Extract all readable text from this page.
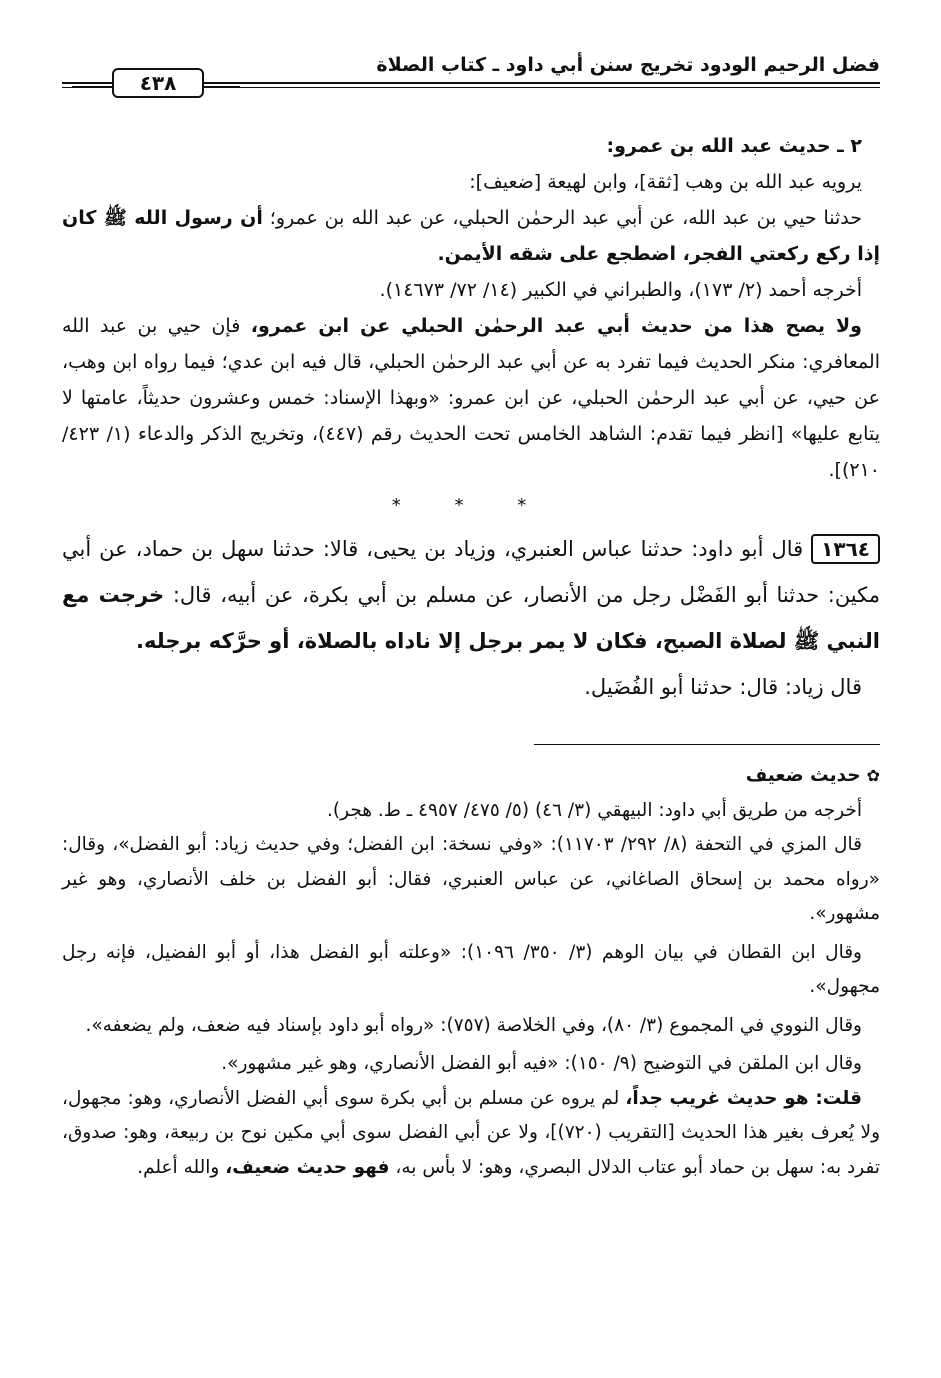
فضل الرحيم الودود تخريج سنن أبي داود ـ كتاب الصلاة
٤٣٨

٢ ـ حديث عبد الله بن عمرو:

يرويه عبد الله بن وهب [ثقة]، وابن لهيعة [ضعيف]:

حدثنا حيي بن عبد الله، عن أبي عبد الرحمٰن الحبلي، عن عبد الله بن عمرو؛ أن رسول الله ﷺ كان إذا ركع ركعتي الفجر، اضطجع على شقه الأيمن.

أخرجه أحمد (٢/ ١٧٣)، والطبراني في الكبير (١٤/ ٧٢/ ١٤٦٧٣).

ولا يصح هذا من حديث أبي عبد الرحمٰن الحبلي عن ابن عمرو، فإن حيي بن عبد الله المعافري: منكر الحديث فيما تفرد به عن أبي عبد الرحمٰن الحبلي، قال فيه ابن عدي؛ فيما رواه ابن وهب، عن حيي، عن أبي عبد الرحمٰن الحبلي، عن ابن عمرو: «وبهذا الإسناد: خمس وعشرون حديثاً، عامتها لا يتابع عليها» [انظر فيما تقدم: الشاهد الخامس تحت الحديث رقم (٤٤٧)، وتخريج الذكر والدعاء (١/ ٤٢٣/ ٢١٠)].

* * *

١٣٦٤قال أبو داود: حدثنا عباس العنبري، وزياد بن يحيى، قالا: حدثنا سهل بن حماد، عن أبي مكين: حدثنا أبو الفَضْل رجل من الأنصار، عن مسلم بن أبي بكرة، عن أبيه، قال: خرجت مع النبي ﷺ لصلاة الصبح، فكان لا يمر برجل إلا ناداه بالصلاة، أو حرَّكه برجله.

قال زياد: قال: حدثنا أبو الفُضَيل.

✿حديث ضعيف

أخرجه من طريق أبي داود: البيهقي (٣/ ٤٦) (٥/ ٤٧٥/ ٤٩٥٧ ـ ط. هجر).

قال المزي في التحفة (٨/ ٢٩٢/ ١١٧٠٣): «وفي نسخة: ابن الفضل؛ وفي حديث زياد: أبو الفضل»، وقال: «رواه محمد بن إسحاق الصاغاني، عن عباس العنبري، فقال: أبو الفضل بن خلف الأنصاري، وهو غير مشهور».

وقال ابن القطان في بيان الوهم (٣/ ٣٥٠/ ١٠٩٦): «وعلته أبو الفضل هذا، أو أبو الفضيل، فإنه رجل مجهول».

وقال النووي في المجموع (٣/ ٨٠)، وفي الخلاصة (٧٥٧): «رواه أبو داود بإسناد فيه ضعف، ولم يضعفه».

وقال ابن الملقن في التوضيح (٩/ ١٥٠): «فيه أبو الفضل الأنصاري، وهو غير مشهور».

قلت: هو حديث غريب جداً، لم يروه عن مسلم بن أبي بكرة سوى أبي الفضل الأنصاري، وهو: مجهول، ولا يُعرف بغير هذا الحديث [التقريب (٧٢٠)]، ولا عن أبي الفضل سوى أبي مكين نوح بن ربيعة، وهو: صدوق، تفرد به: سهل بن حماد أبو عتاب الدلال البصري، وهو: لا بأس به، فهو حديث ضعيف، والله أعلم.
